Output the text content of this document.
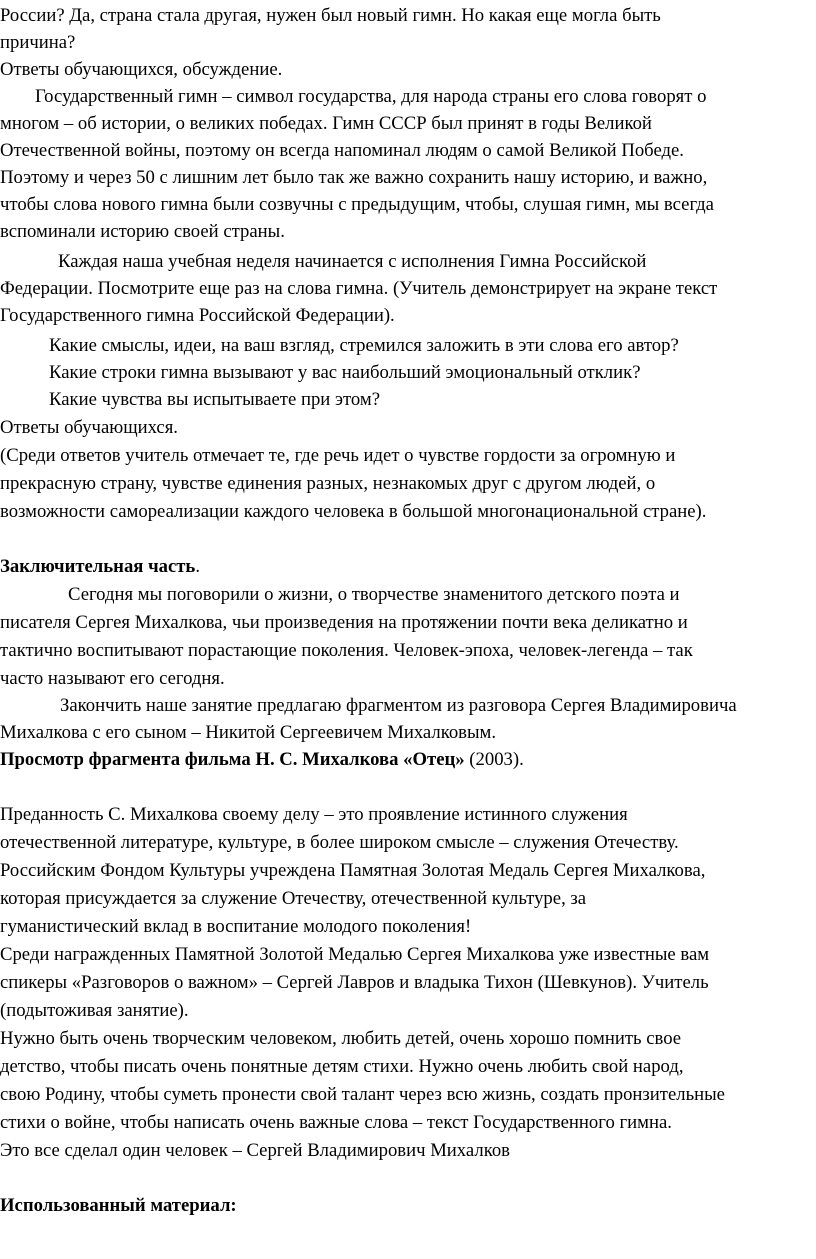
России? Да, страна стала другая, нужен был новый гимн. Но какая еще могла быть
причина?
Ответы обучающихся, обсуждение.
Государственный гимн – символ государства, для народа страны его слова говорят о
многом – об истории, о великих победах. Гимн СССР был принят в годы Великой
Отечественной войны, поэтому он всегда напоминал людям о самой Великой Победе.
Поэтому и через 50 с лишним лет было так же важно сохранить нашу историю, и важно,
чтобы слова нового гимна были созвучны с предыдущим, чтобы, слушая гимн, мы всегда
вспоминали историю своей страны.
Каждая наша учебная неделя начинается с исполнения Гимна Российской
Федерации. Посмотрите еще раз на слова гимна. (Учитель демонстрирует на экране текст
Государственного гимна Российской Федерации).
Какие смыслы, идеи, на ваш взгляд, стремился заложить в эти слова его автор?
Какие строки гимна вызывают у вас наибольший эмоциональный отклик?
Какие чувства вы испытываете при этом?
Ответы обучающихся.
(Среди ответов учитель отмечает те, где речь идет о чувстве гордости за огромную и
прекрасную страну, чувстве единения разных, незнакомых друг с другом людей, о
возможности самореализации каждого человека в большой многонациональной стране).
Заключительная часть.
Сегодня мы поговорили о жизни, о творчестве знаменитого детского поэта и
писателя Сергея Михалкова, чьи произведения на протяжении почти века деликатно и
тактично воспитывают порастающие поколения. Человек-эпоха, человек-легенда – так
часто называют его сегодня.
Закончить наше занятие предлагаю фрагментом из разговора Сергея Владимировича
Михалкова с его сыном – Никитой Сергеевичем Михалковым.
Просмотр фрагмента фильма Н. С. Михалкова «Отец» (2003).
Преданность С. Михалкова своему делу – это проявление истинного служения
отечественной литературе, культуре, в более широком смысле – служения Отечеству.
Российским Фондом Культуры учреждена Памятная Золотая Медаль Сергея Михалкова,
которая присуждается за служение Отечеству, отечественной культуре, за
гуманистический вклад в воспитание молодого поколения!
Среди награжденных Памятной Золотой Медалью Сергея Михалкова уже известные вам
спикеры «Разговоров о важном» – Сергей Лавров и владыка Тихон (Шевкунов). Учитель
(подытоживая занятие).
Нужно быть очень творческим человеком, любить детей, очень хорошо помнить свое
детство, чтобы писать очень понятные детям стихи. Нужно очень любить свой народ,
свою Родину, чтобы суметь пронести свой талант через всю жизнь, создать пронзительные
стихи о войне, чтобы написать очень важные слова – текст Государственного гимна.
Это все сделал один человек – Сергей Владимирович Михалков
Использованный материал:
